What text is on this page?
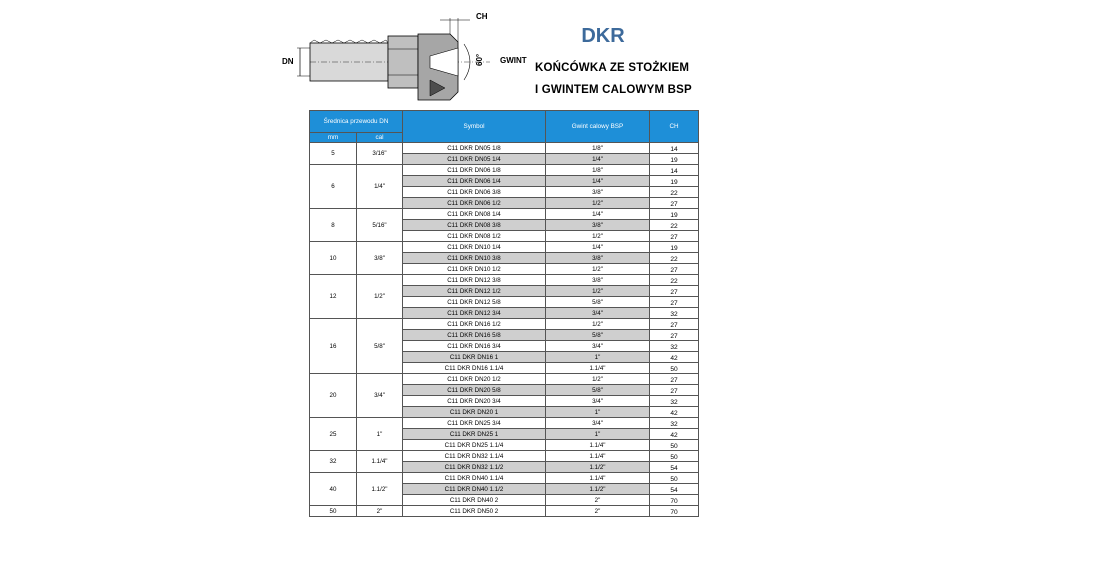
DN
CH
60° GWINT
DKR
KOŃCÓWKA ZE STOŻKIEM
I GWINTEM CALOWYM BSP
Średnica przewodu DN		Symbol	Gwint calowy BSP	CH
mm	cal			
5	3/16"	C11 DKR DN05 1/8	1/8"	14
		C11 DKR DN05 1/4	1/4"	19
6	1/4"	C11 DKR DN06 1/8	1/8"	14
		C11 DKR DN06 1/4	1/4"	19
		C11 DKR DN06 3/8	3/8"	22
		C11 DKR DN06 1/2	1/2"	27
8	5/16"	C11 DKR DN08 1/4	1/4"	19
		C11 DKR DN08 3/8	3/8"	22
		C11 DKR DN08 1/2	1/2"	27
10	3/8"	C11 DKR DN10 1/4	1/4"	19
		C11 DKR DN10 3/8	3/8"	22
		C11 DKR DN10 1/2	1/2"	27
12	1/2"	C11 DKR DN12 3/8	3/8"	22
		C11 DKR DN12 1/2	1/2"	27
		C11 DKR DN12 5/8	5/8"	27
		C11 DKR DN12 3/4	3/4"	32
16	5/8"	C11 DKR DN16 1/2	1/2"	27
		C11 DKR DN16 5/8	5/8"	27
		C11 DKR DN16 3/4	3/4"	32
		C11 DKR DN16 1	1"	42
		C11 DKR DN16 1.1/4	1.1/4"	50
20	3/4"	C11 DKR DN20 1/2	1/2"	27
		C11 DKR DN20 5/8	5/8"	27
		C11 DKR DN20 3/4	3/4"	32
		C11 DKR DN20 1	1"	42
25	1"	C11 DKR DN25 3/4	3/4"	32
		C11 DKR DN25 1	1"	42
		C11 DKR DN25 1.1/4	1.1/4"	50
32	1.1/4"	C11 DKR DN32 1.1/4	1.1/4"	50
		C11 DKR DN32 1.1/2	1.1/2"	54
40	1.1/2"	C11 DKR DN40 1.1/4	1.1/4"	50
		C11 DKR DN40 1.1/2	1.1/2"	54
		C11 DKR DN40 2	2"	70
50	2"	C11 DKR DN50 2	2"	70
